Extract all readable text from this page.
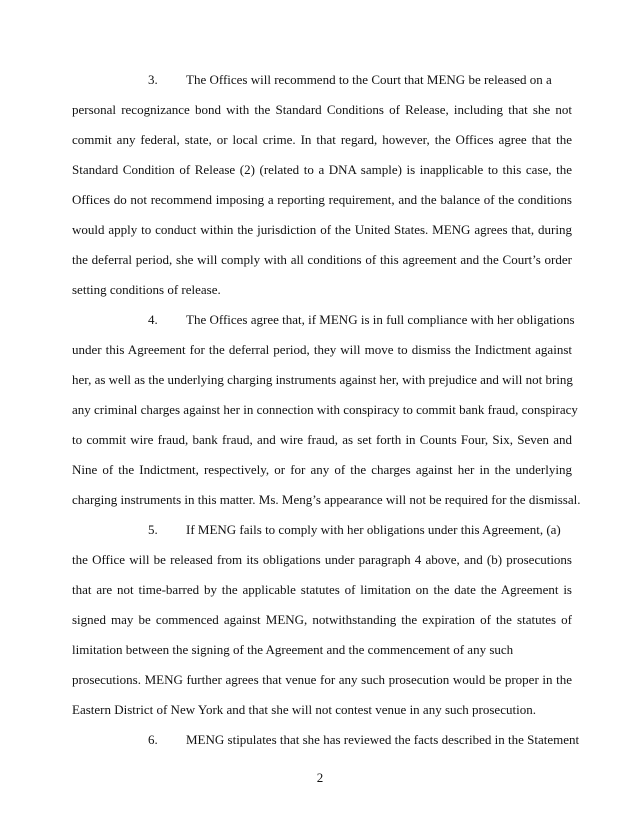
3. The Offices will recommend to the Court that MENG be released on a
personal recognizance bond with the Standard Conditions of Release, including that she not
commit any federal, state, or local crime. In that regard, however, the Offices agree that the
Standard Condition of Release (2) (related to a DNA sample) is inapplicable to this case, the
Offices do not recommend imposing a reporting requirement, and the balance of the conditions
would apply to conduct within the jurisdiction of the United States. MENG agrees that, during
the deferral period, she will comply with all conditions of this agreement and the Court’s order
setting conditions of release.
4. The Offices agree that, if MENG is in full compliance with her obligations
under this Agreement for the deferral period, they will move to dismiss the Indictment against
her, as well as the underlying charging instruments against her, with prejudice and will not bring
any criminal charges against her in connection with conspiracy to commit bank fraud, conspiracy
to commit wire fraud, bank fraud, and wire fraud, as set forth in Counts Four, Six, Seven and
Nine of the Indictment, respectively, or for any of the charges against her in the underlying
charging instruments in this matter. Ms. Meng’s appearance will not be required for the dismissal.
5. If MENG fails to comply with her obligations under this Agreement, (a)
the Office will be released from its obligations under paragraph 4 above, and (b) prosecutions
that are not time-barred by the applicable statutes of limitation on the date the Agreement is
signed may be commenced against MENG, notwithstanding the expiration of the statutes of
limitation between the signing of the Agreement and the commencement of any such
prosecutions. MENG further agrees that venue for any such prosecution would be proper in the
Eastern District of New York and that she will not contest venue in any such prosecution.
6. MENG stipulates that she has reviewed the facts described in the Statement
2
